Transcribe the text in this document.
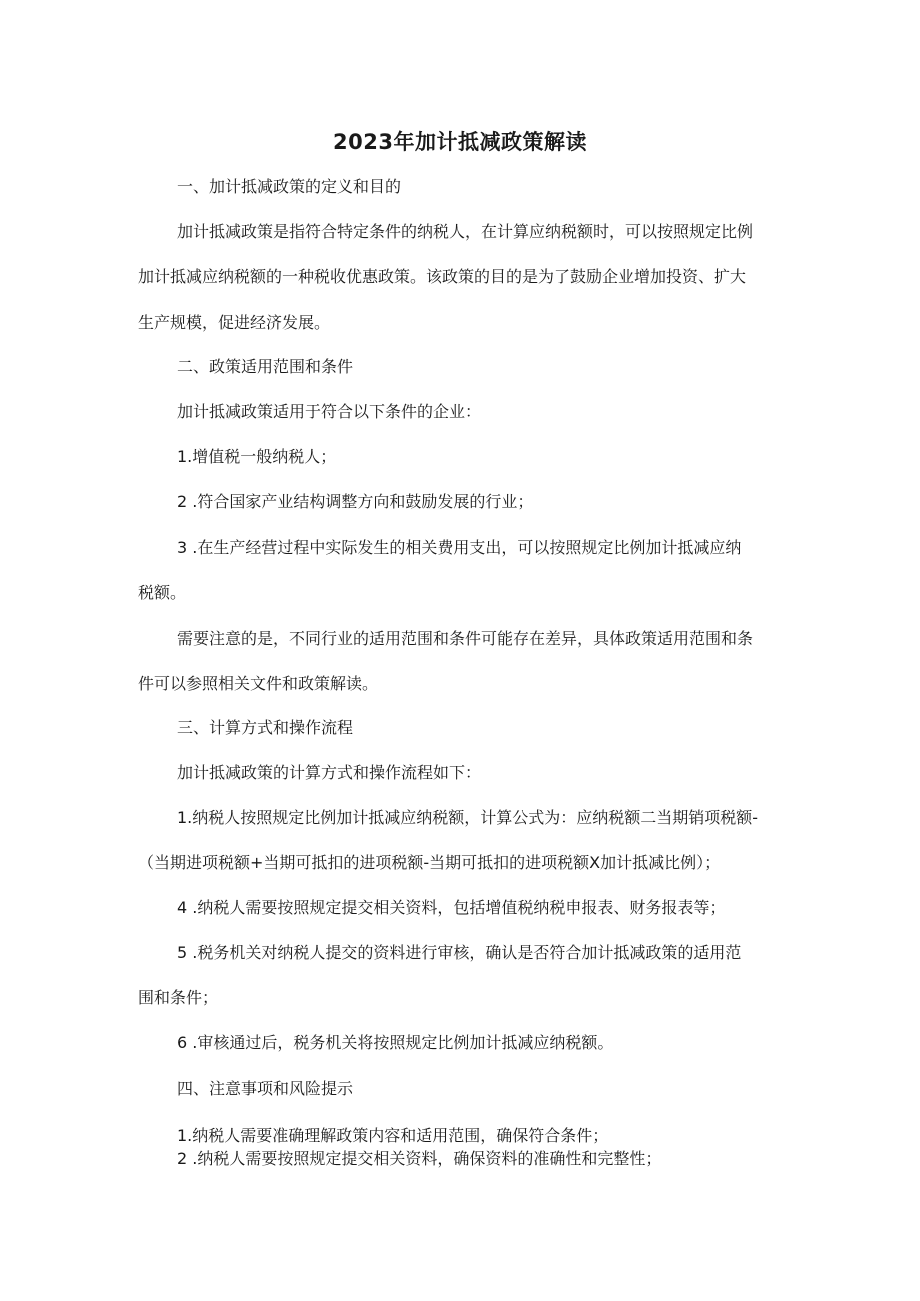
2023年加计抵减政策解读
一、加计抵减政策的定义和目的
加计抵减政策是指符合特定条件的纳税人，在计算应纳税额时，可以按照规定比例
加计抵减应纳税额的一种税收优惠政策。该政策的目的是为了鼓励企业增加投资、扩大
生产规模，促进经济发展。
二、政策适用范围和条件
加计抵减政策适用于符合以下条件的企业：
1.增值税一般纳税人；
2 .符合国家产业结构调整方向和鼓励发展的行业；
3 .在生产经营过程中实际发生的相关费用支出，可以按照规定比例加计抵减应纳
税额。
需要注意的是，不同行业的适用范围和条件可能存在差异，具体政策适用范围和条
件可以参照相关文件和政策解读。
三、计算方式和操作流程
加计抵减政策的计算方式和操作流程如下：
1.纳税人按照规定比例加计抵减应纳税额，计算公式为：应纳税额二当期销项税额-
（当期进项税额+当期可抵扣的进项税额-当期可抵扣的进项税额X加计抵减比例）；
4 .纳税人需要按照规定提交相关资料，包括增值税纳税申报表、财务报表等；
5 .税务机关对纳税人提交的资料进行审核，确认是否符合加计抵减政策的适用范
围和条件；
6 .审核通过后，税务机关将按照规定比例加计抵减应纳税额。
四、注意事项和风险提示
1.纳税人需要准确理解政策内容和适用范围，确保符合条件；
2 .纳税人需要按照规定提交相关资料，确保资料的准确性和完整性；
